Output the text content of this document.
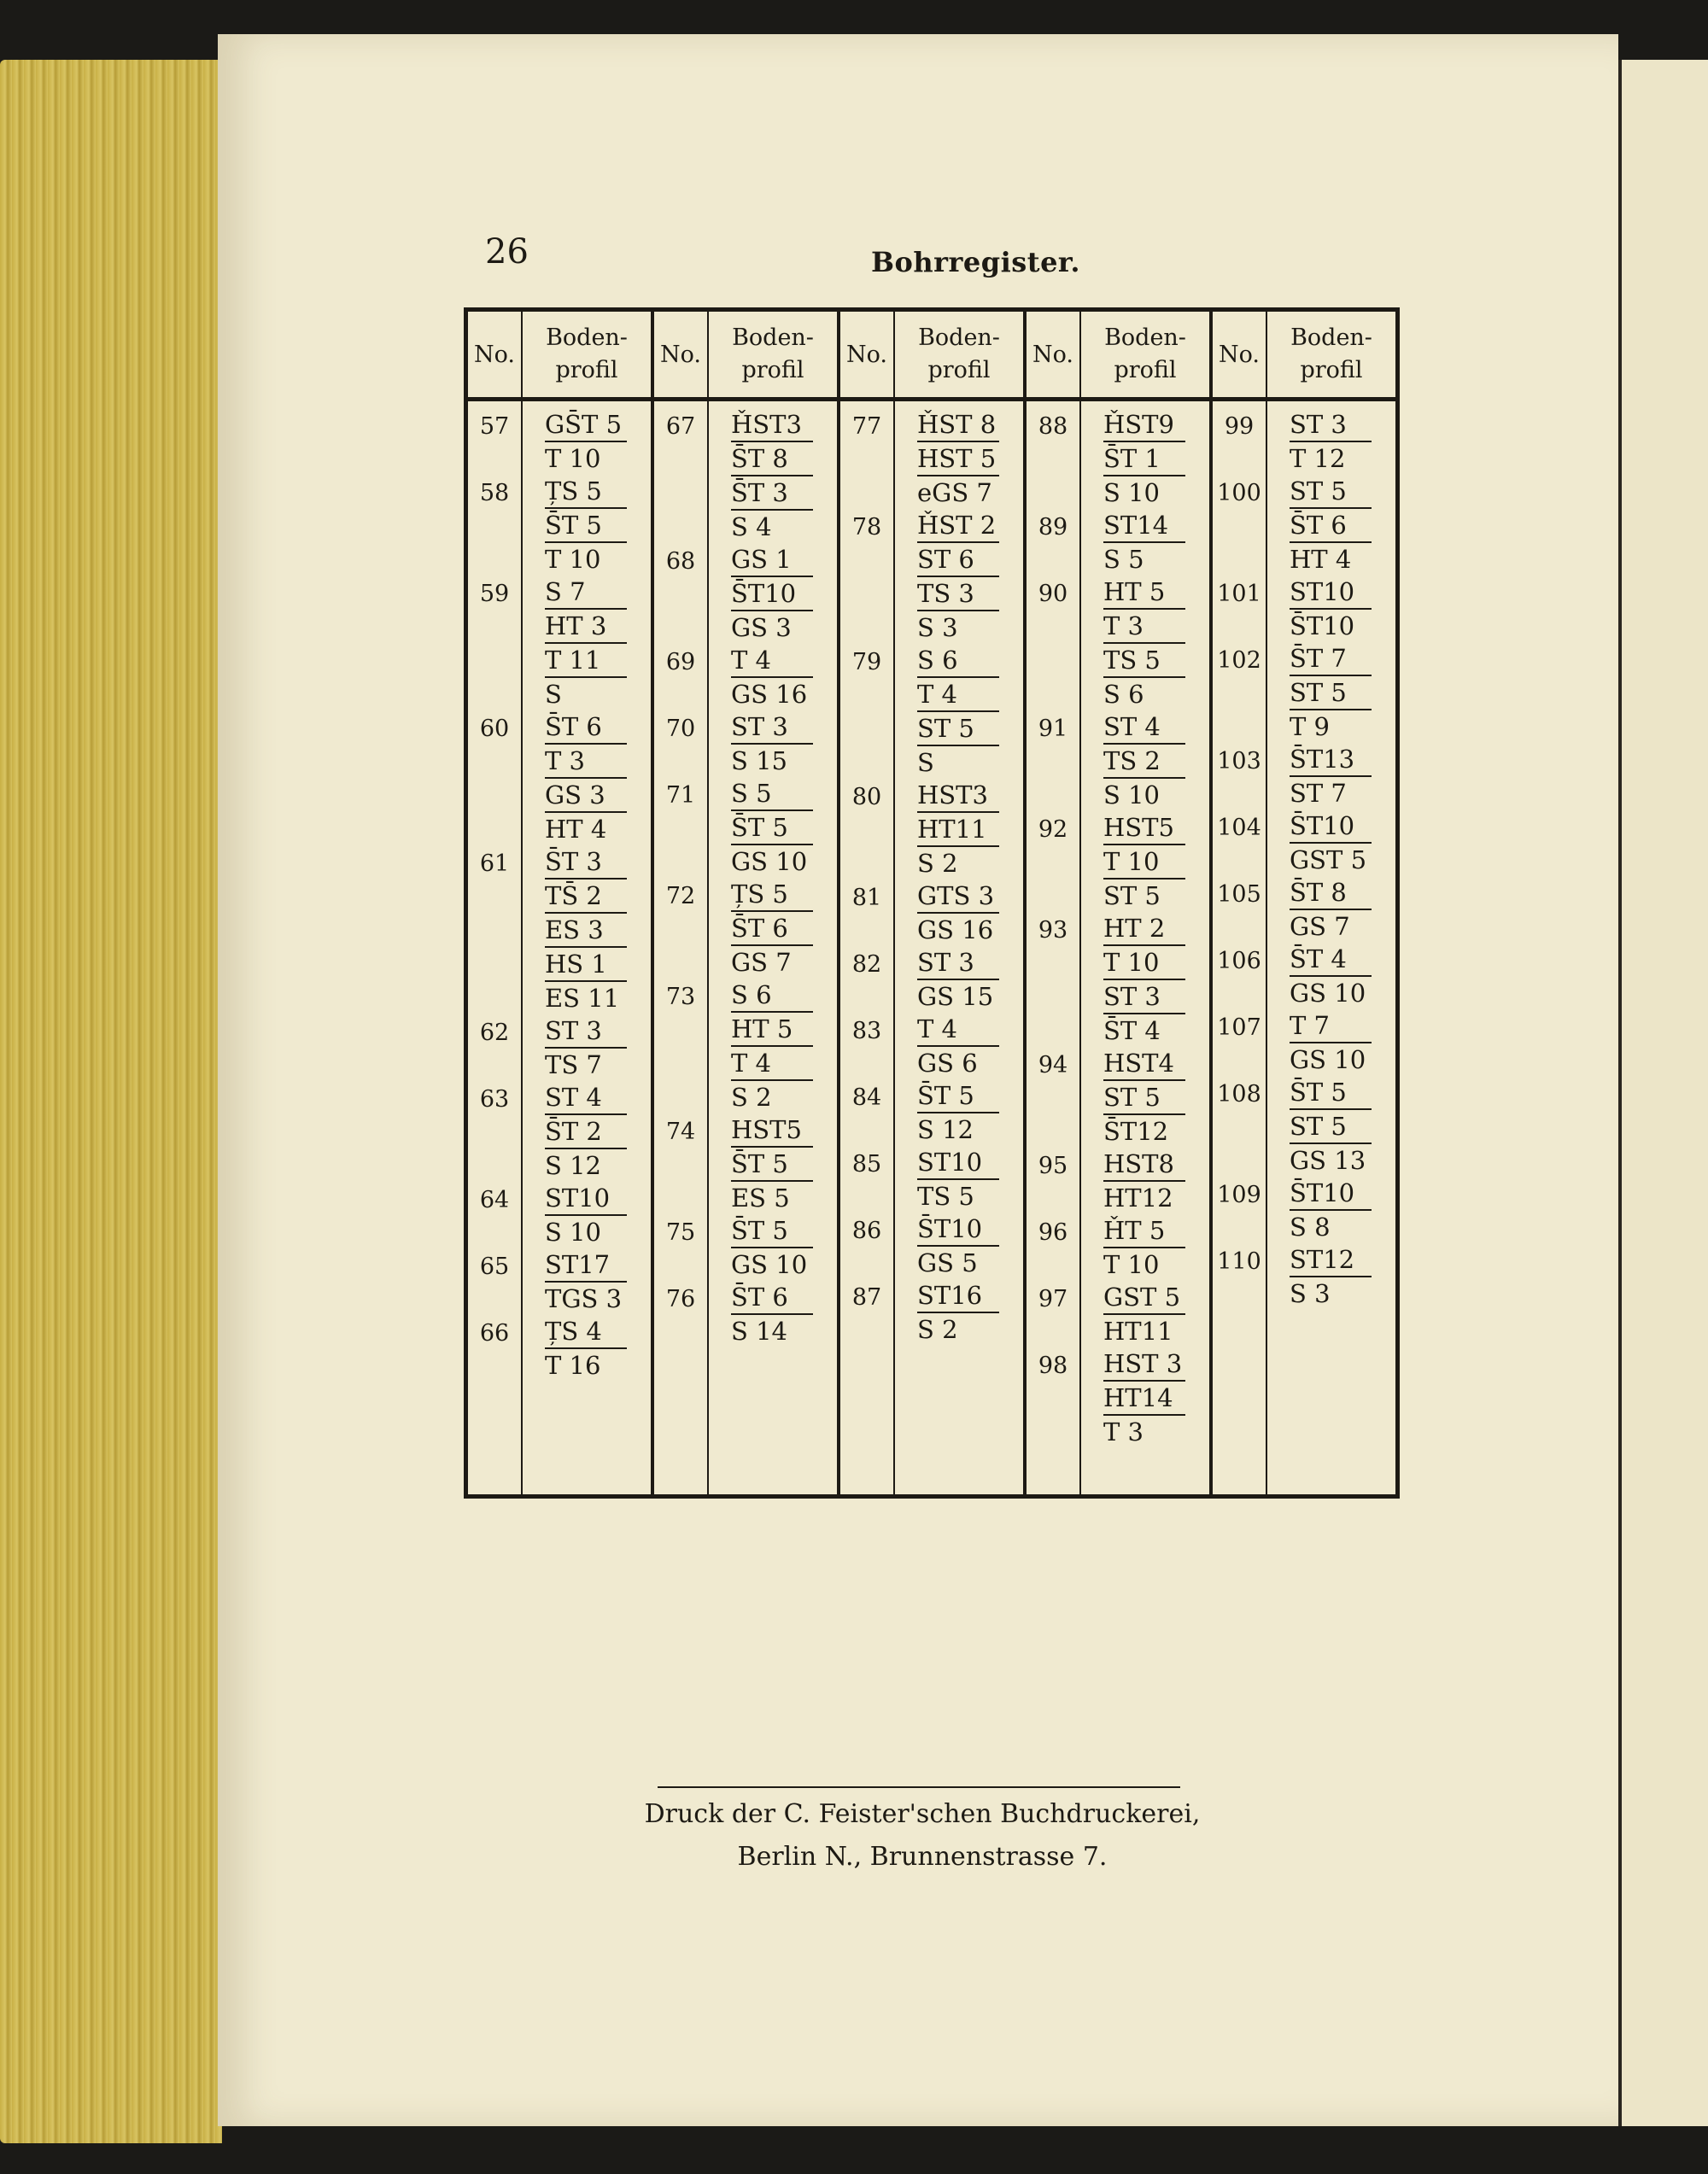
26	Bohrregister.
No.
Boden-
profil
57	GS̄T 5
T 10
58	ȚS 5
S̄T 5
T 10
59	S 7
HT 3
T 11
S
60	S̄T 6
T 3
GS 3
HT 4
61	S̄T 3
TS̄ 2
ES 3
HS 1
ES 11
62	ST 3
TS 7
63	ST 4
S̄T 2
S 12
64	ST10
S 10
65	ST17
TGS 3
66	ȚS 4
T 16
No.
Boden-
profil
67	ȞST3
S̄T 8
S̄T 3
S 4
68	GS 1
S̄T10
GS 3
69	T 4
GS 16
70	ST 3
S 15
71	S 5
S̄T 5
GS 10
72	ȚS 5
S̄T 6
GS 7
73	S 6
HT 5
T 4
S 2
74	HST5
S̄T 5
ES 5
75	S̄T 5
GS 10
76	S̄T 6
S 14
No.
Boden-
profil
77	ȞST 8
HST 5
eGS 7
78	ȞST 2
ST 6
TS 3
S 3
79	S 6
T 4
ST 5
S
80	HST3
HT11
S 2
81	GTS 3
GS 16
82	ST 3
GS 15
83	T 4
GS 6
84	S̄T 5
S 12
85	ST10
TS 5
86	S̄T10
GS 5
87	ST16
S 2
No.
Boden-
profil
88	ȞST9
S̄T 1
S 10
89	ST14
S 5
90	HT 5
T 3
TS 5
S 6
91	ST 4
TS 2
S 10
92	HST5
T 10
ST 5
93	HT 2
T 10
ST 3
S̄T 4
94	HST4
ST 5
S̄T12
95	HST8
HT12
96	ȞT 5
T 10
97	GST 5
HT11
98	HST 3
HT14
T 3
No.
Boden-
profil
99	ST 3
T 12
100 ST 5
S̄T 6
HT 4
101 ST10
S̄T10
102 S̄T 7
ST 5
T 9
103 S̄T13
ST 7
104 S̄T10
GST 5
105 S̄T 8
GS 7
106 S̄T 4
GS 10
107 T 7
GS 10
108 S̄T 5
ST 5
GS 13
109 S̄T10
S 8
110 ST12
S 3
Druck der C. Feister'schen Buchdruckerei,
Berlin N., Brunnenstrasse 7.
